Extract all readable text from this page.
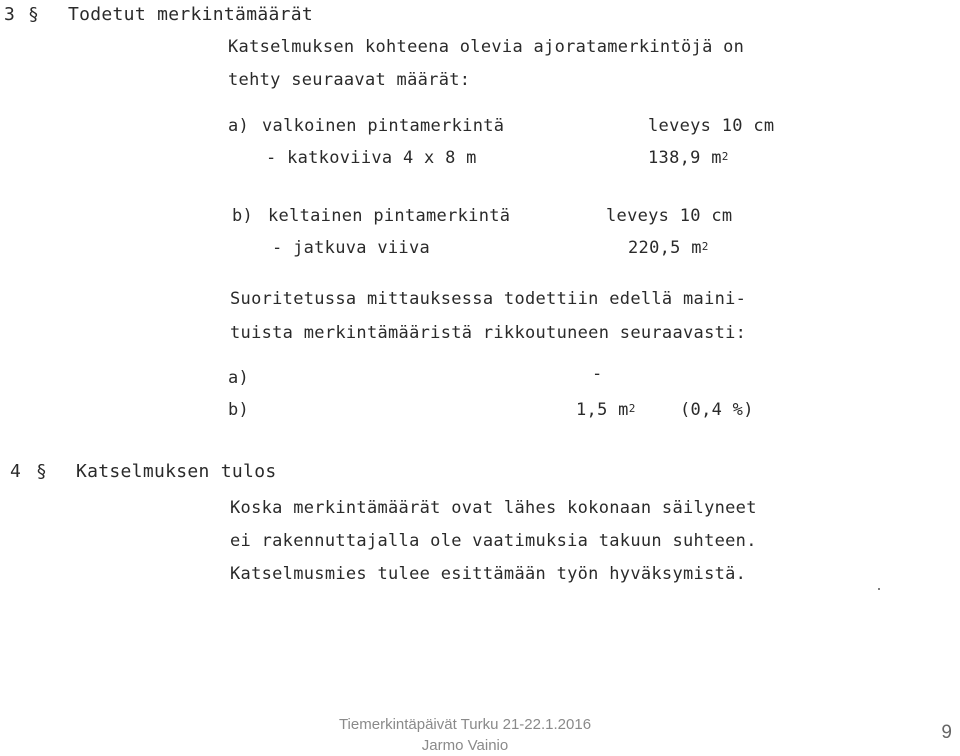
3 § Todetut merkintämäärät
Katselmuksen kohteena olevia ajoratamerkintöjä on
tehty seuraavat määrät:
a) valkoinen pintamerkintä	leveys 10 cm
- katkoviiva 4 x 8 m	138,9 $m^2$
b) keltainen pintamerkintä	leveys 10 cm
- jatkuva viiva	220,5 $m^2$
Suoritetussa mittauksessa todettiin edellä maini-
tuista merkintämääristä rikkoutuneen seuraavasti:
a)	-
b)	1,5 $m^2$	(0,4 %)
4 § Katselmuksen tulos
Koska merkintämäärät ovat lähes kokonaan säilyneet
ei rakennuttajalla ole vaatimuksia takuun suhteen.
Katselmusmies tulee esittämään työn hyväksymistä.
Tiemerkintäpäivät Turku 21-22.1.2016
Jarmo Vainio
9
